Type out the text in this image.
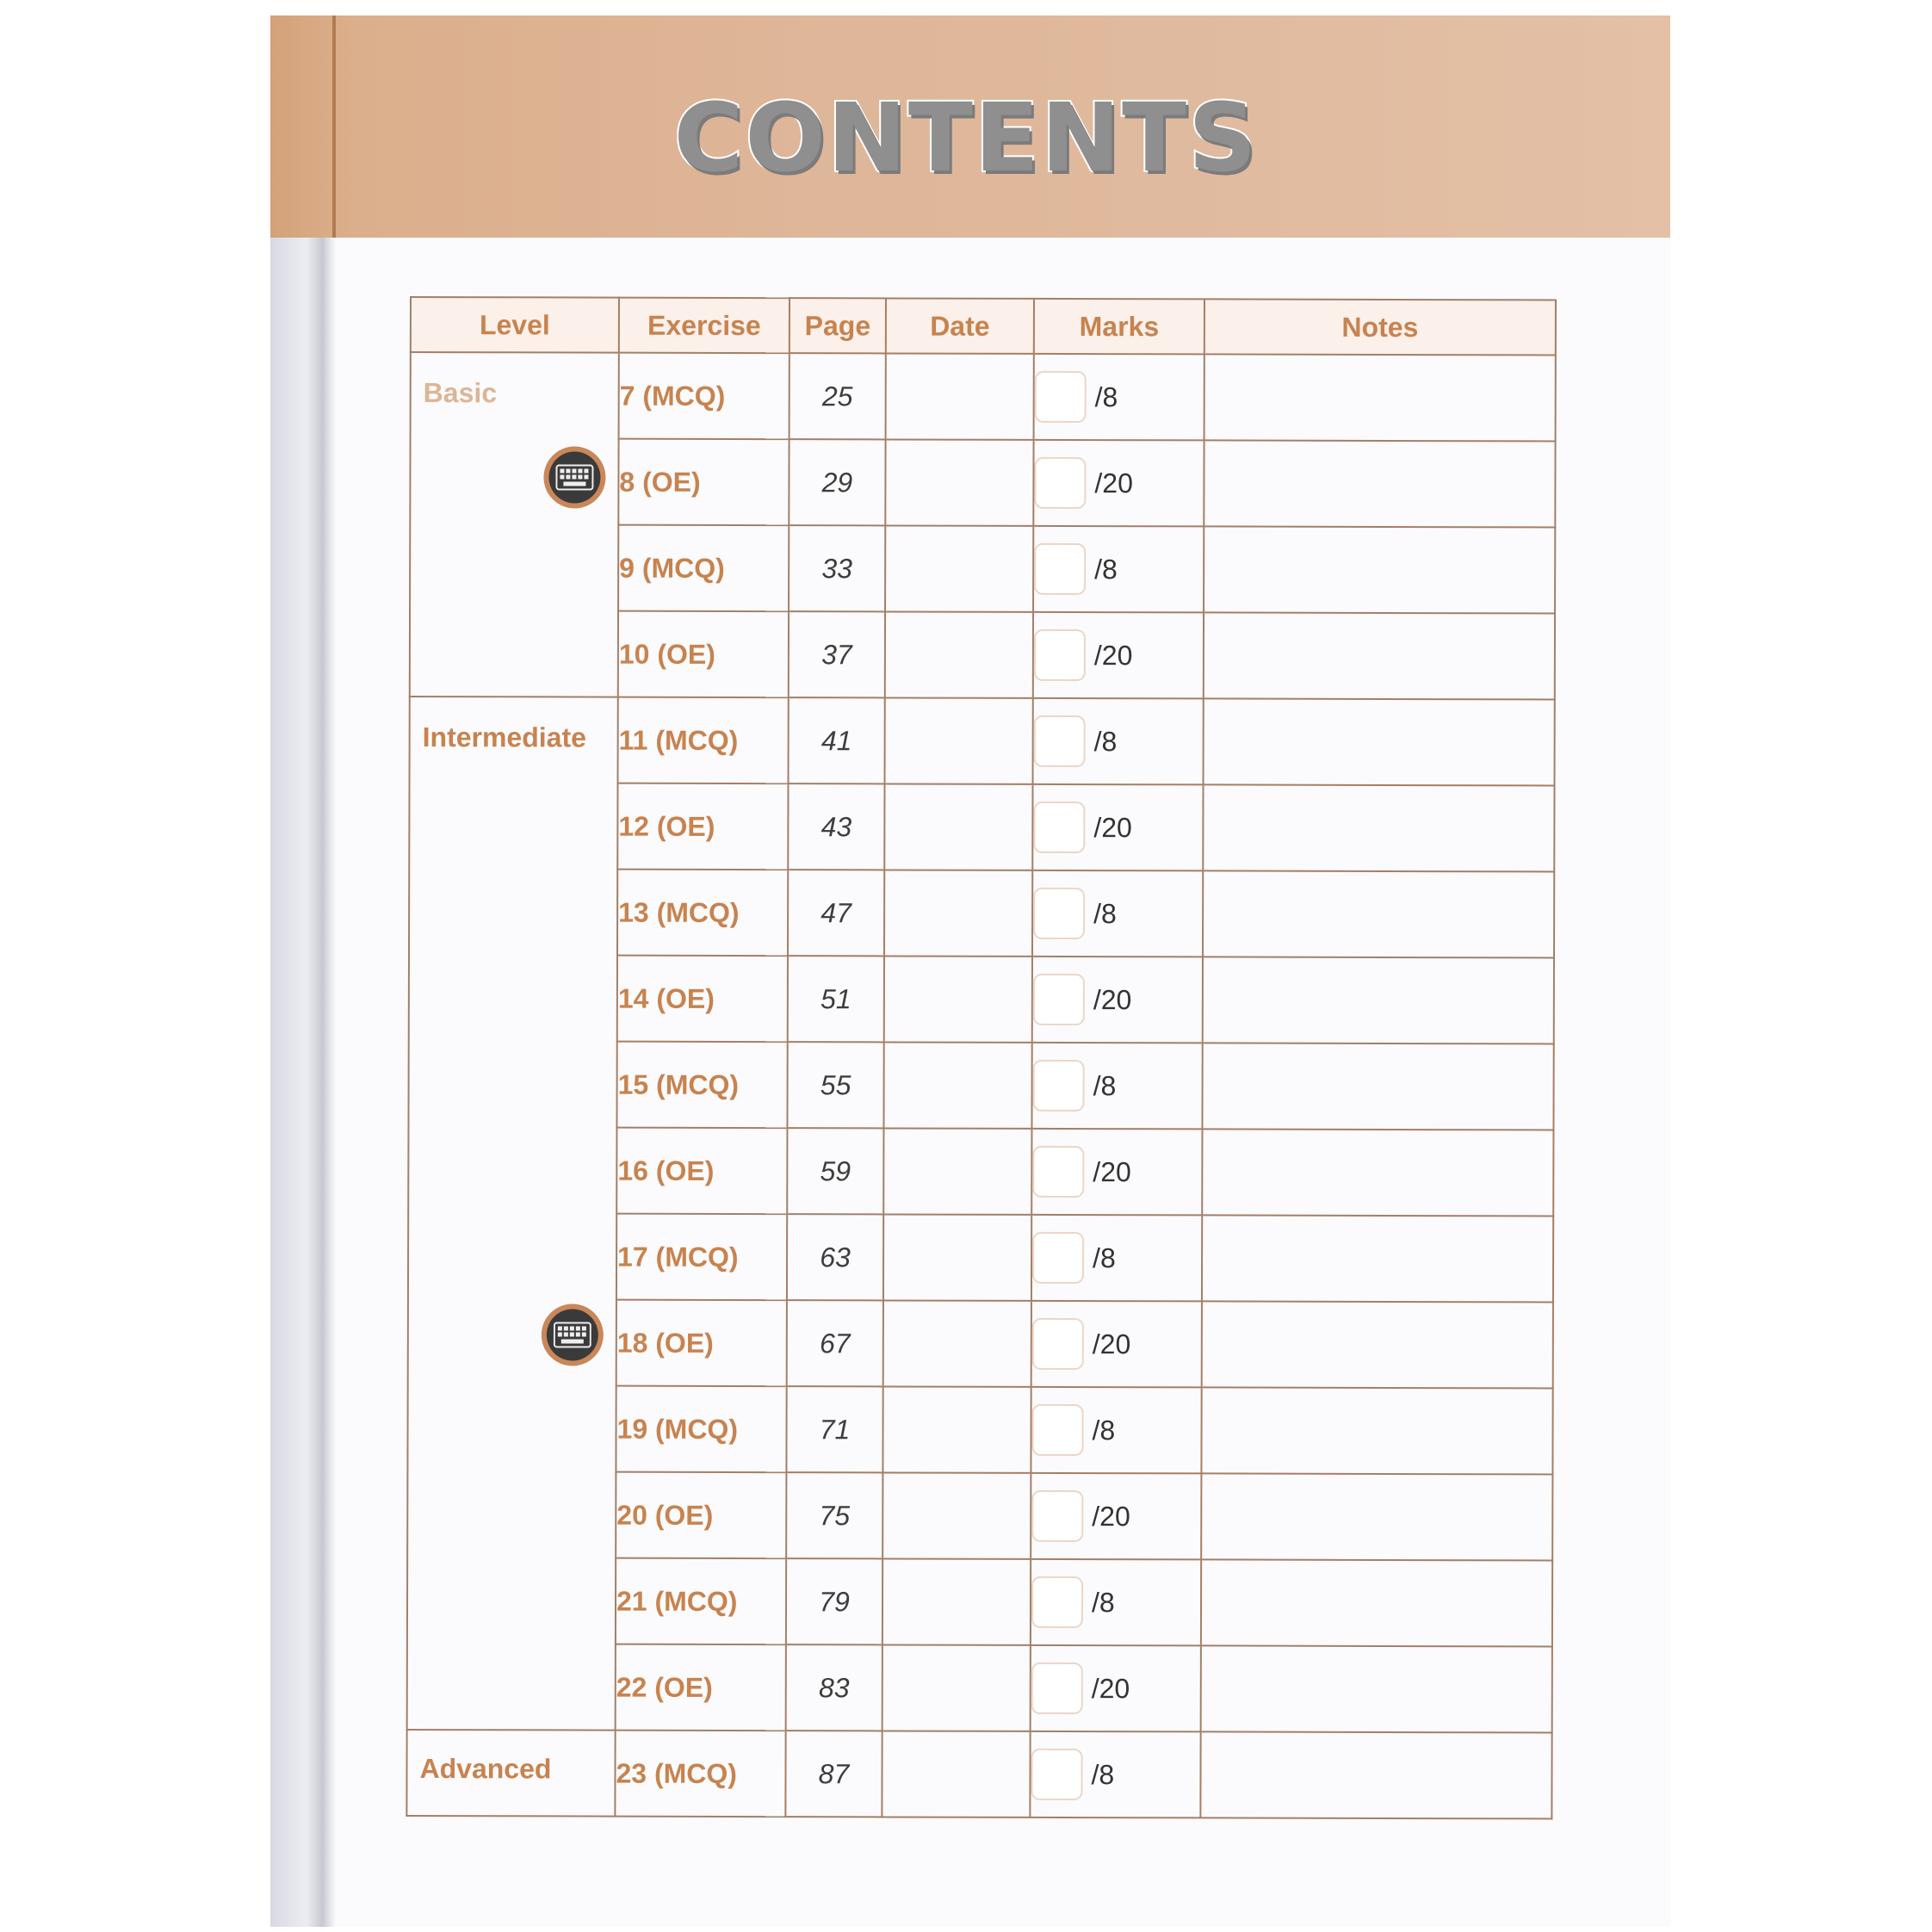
CONTENTS
Level	Exercise	Page	Date	Marks	Notes

Basic	7 (MCQ)	25		/8	
	8 (OE)	29		/20	
	9 (MCQ)	33		/8	
	10 (OE)	37		/20	

Intermediate	11 (MCQ)	41		/8	
	12 (OE)	43		/20	
	13 (MCQ)	47		/8	
	14 (OE)	51		/20	
	15 (MCQ)	55		/8	
	16 (OE)	59		/20	
	17 (MCQ)	63		/8	
	18 (OE)	67		/20	
	19 (MCQ)	71		/8	
	20 (OE)	75		/20	
	21 (MCQ)	79		/8	
	22 (OE)	83		/20	

Advanced	23 (MCQ)	87		/8	
